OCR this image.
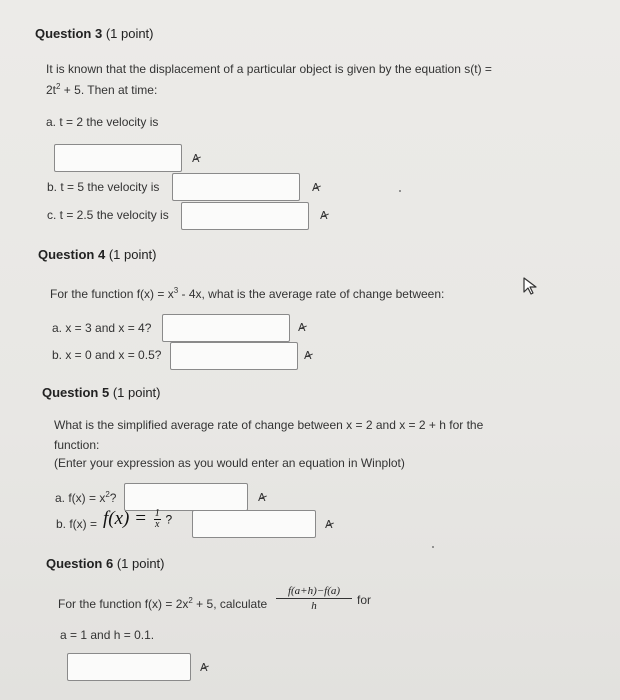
Question 3 (1 point)
It is known that the displacement of a particular object is given by the equation s(t) =
$2t^2 + 5$. Then at time:
a. t = 2 the velocity is
A
b. t = 5 the velocity is	A
c. t = 2.5 the velocity is	A
Question 4 (1 point)
For the function $f(x) = x^3 - 4x$, what is the average rate of change between:
a. x = 3 and x = 4?	A
b. x = 0 and x = 0.5?	A
Question 5 (1 point)
What is the simplified average rate of change between x = 2 and x = 2 + h for the
function:
(Enter your expression as you would enter an equation in Winplot)
a. $f(x) = x^2$?	A
b. $f(x) = f(x) = \frac{1}{x}$ ?	A
Question 6 (1 point)
For the function $f(x) = 2x^2 + 5$, calculate $\frac{f(a+h)-f(a)}{h}$ for
a = 1 and h = 0.1.
A
